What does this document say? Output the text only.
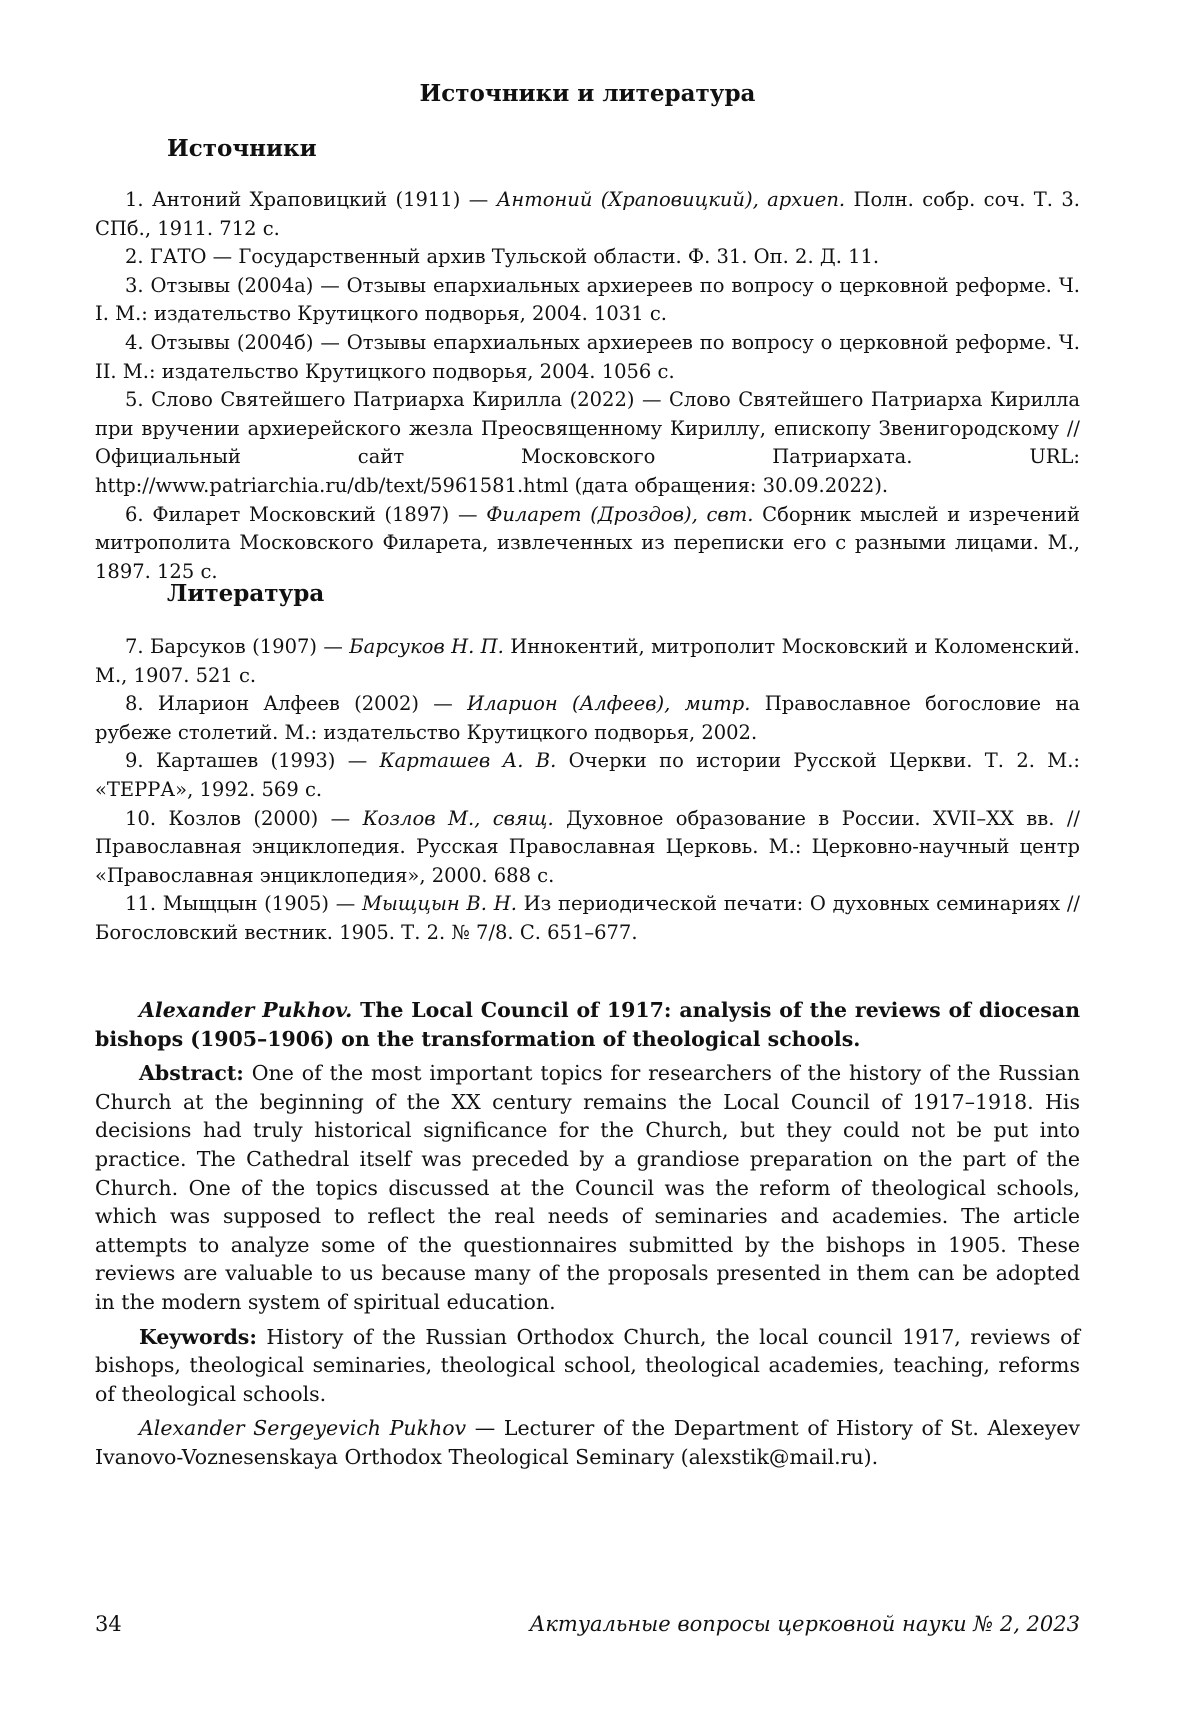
Источники и литература
Источники

1. Антоний Храповицкий (1911) — Антоний (Храповицкий), архиеп. Полн. собр. соч. Т. 3. СПб., 1911. 712 с.

2. ГАТО — Государственный архив Тульской области. Ф. 31. Оп. 2. Д. 11.

3. Отзывы (2004а) — Отзывы епархиальных архиереев по вопросу о церковной реформе. Ч. I. М.: издательство Крутицкого подворья, 2004. 1031 с.

4. Отзывы (2004б) — Отзывы епархиальных архиереев по вопросу о церковной реформе. Ч. II. М.: издательство Крутицкого подворья, 2004. 1056 с.

5. Слово Святейшего Патриарха Кирилла (2022) — Слово Святейшего Патриарха Кирилла при вручении архиерейского жезла Преосвященному Кириллу, епископу Звенигородскому // Официальный сайт Московского Патриархата. URL: http://www.patriarchia.ru/db/text/5961581.html (дата обращения: 30.09.2022).

6. Филарет Московский (1897) — Филарет (Дроздов), свт. Сборник мыслей и изречений митрополита Московского Филарета, извлеченных из переписки его с разными лицами. М., 1897. 125 с.

Литература

7. Барсуков (1907) — Барсуков Н. П. Иннокентий, митрополит Московский и Коломенский. М., 1907. 521 с.

8. Иларион Алфеев (2002) — Иларион (Алфеев), митр. Православное богословие на рубеже столетий. М.: издательство Крутицкого подворья, 2002.

9. Карташев (1993) — Карташев А. В. Очерки по истории Русской Церкви. Т. 2. М.: «ТЕРРА», 1992. 569 с.

10. Козлов (2000) — Козлов М., свящ. Духовное образование в России. XVII–XX вв. // Православная энциклопедия. Русская Православная Церковь. М.: Церковно-научный центр «Православная энциклопедия», 2000. 688 с.

11. Мыщцын (1905) — Мыщцын В. Н. Из периодической печати: О духовных семинариях // Богословский вестник. 1905. Т. 2. № 7/8. С. 651–677.

Alexander Pukhov. The Local Council of 1917: analysis of the reviews of diocesan bishops (1905–1906) on the transformation of theological schools.

Abstract: One of the most important topics for researchers of the history of the Russian Church at the beginning of the XX century remains the Local Council of 1917–1918. His decisions had truly historical significance for the Church, but they could not be put into practice. The Cathedral itself was preceded by a grandiose preparation on the part of the Church. One of the topics discussed at the Council was the reform of theological schools, which was supposed to reflect the real needs of seminaries and academies. The article attempts to analyze some of the questionnaires submitted by the bishops in 1905. These reviews are valuable to us because many of the proposals presented in them can be adopted in the modern system of spiritual education.

Keywords: History of the Russian Orthodox Church, the local council 1917, reviews of bishops, theological seminaries, theological school, theological academies, teaching, reforms of theological schools.

Alexander Sergeyevich Pukhov — Lecturer of the Department of History of St. Alexeyev Ivanovo-Voznesenskaya Orthodox Theological Seminary (alexstik@mail.ru).

34	Актуальные вопросы церковной науки № 2, 2023
